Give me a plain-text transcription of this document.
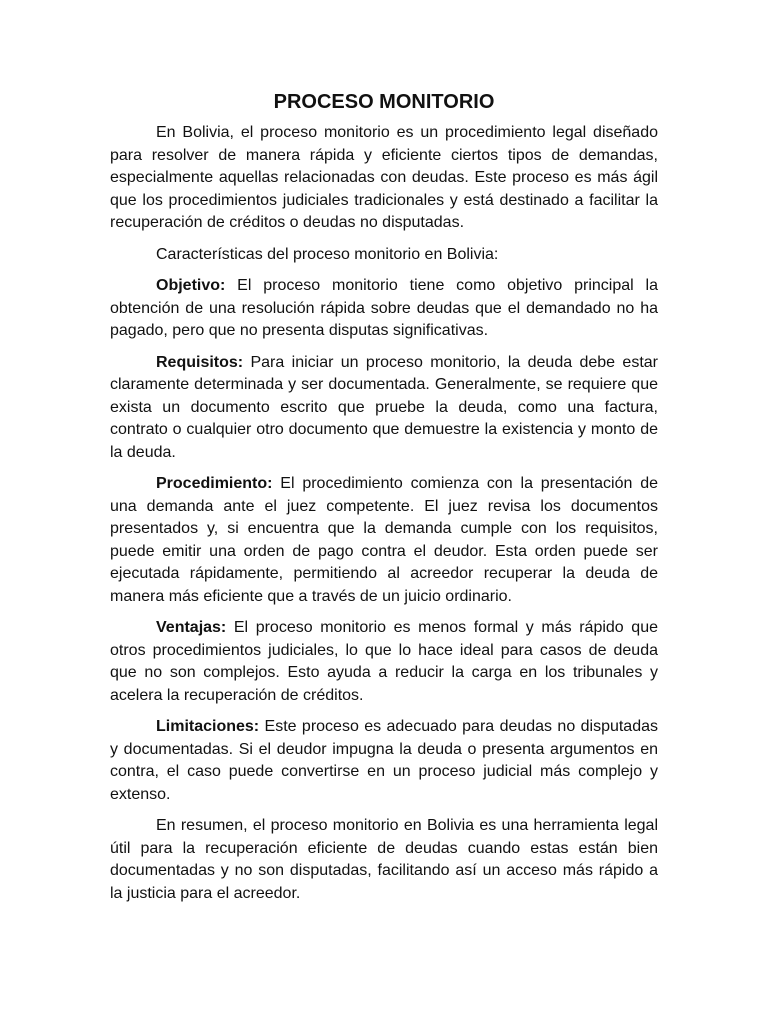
PROCESO MONITORIO

En Bolivia, el proceso monitorio es un procedimiento legal diseñado para resolver de manera rápida y eficiente ciertos tipos de demandas, especialmente aquellas relacionadas con deudas. Este proceso es más ágil que los procedimientos judiciales tradicionales y está destinado a facilitar la recuperación de créditos o deudas no disputadas.

Características del proceso monitorio en Bolivia:

Objetivo: El proceso monitorio tiene como objetivo principal la obtención de una resolución rápida sobre deudas que el demandado no ha pagado, pero que no presenta disputas significativas.

Requisitos: Para iniciar un proceso monitorio, la deuda debe estar claramente determinada y ser documentada. Generalmente, se requiere que exista un documento escrito que pruebe la deuda, como una factura, contrato o cualquier otro documento que demuestre la existencia y monto de la deuda.

Procedimiento: El procedimiento comienza con la presentación de una demanda ante el juez competente. El juez revisa los documentos presentados y, si encuentra que la demanda cumple con los requisitos, puede emitir una orden de pago contra el deudor. Esta orden puede ser ejecutada rápidamente, permitiendo al acreedor recuperar la deuda de manera más eficiente que a través de un juicio ordinario.

Ventajas: El proceso monitorio es menos formal y más rápido que otros procedimientos judiciales, lo que lo hace ideal para casos de deuda que no son complejos. Esto ayuda a reducir la carga en los tribunales y acelera la recuperación de créditos.

Limitaciones: Este proceso es adecuado para deudas no disputadas y documentadas. Si el deudor impugna la deuda o presenta argumentos en contra, el caso puede convertirse en un proceso judicial más complejo y extenso.

En resumen, el proceso monitorio en Bolivia es una herramienta legal útil para la recuperación eficiente de deudas cuando estas están bien documentadas y no son disputadas, facilitando así un acceso más rápido a la justicia para el acreedor.
